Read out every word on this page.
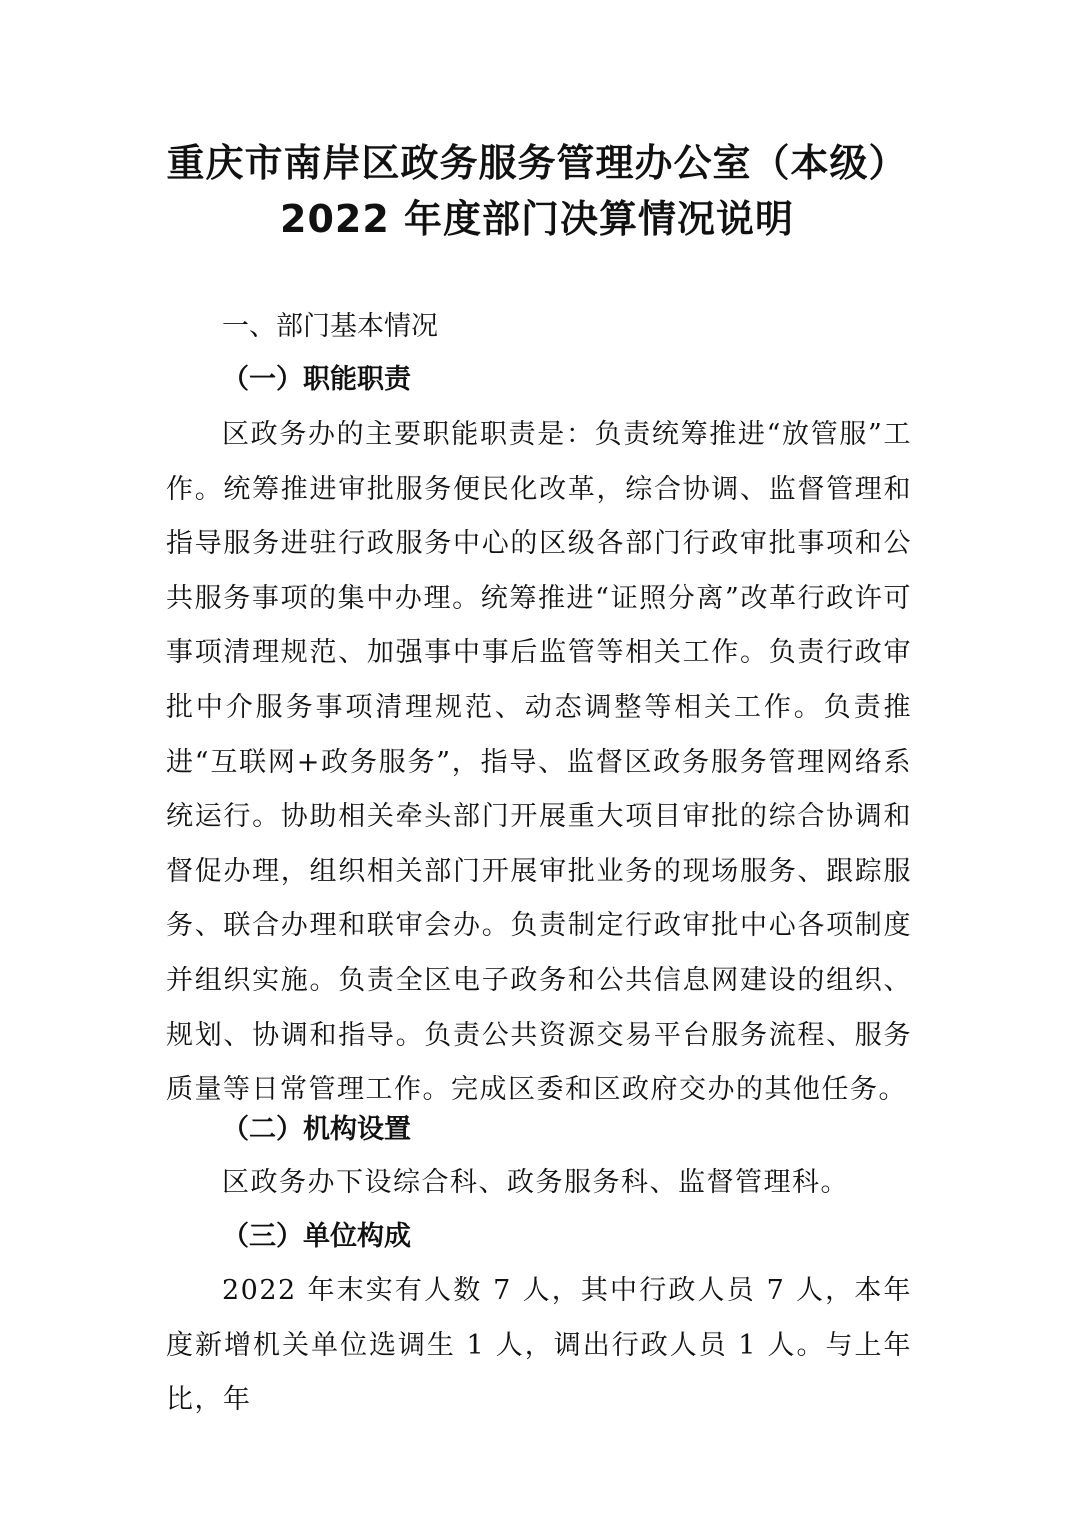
重庆市南岸区政务服务管理办公室（本级）
2022 年度部门决算情况说明
一、部门基本情况
（一）职能职责

区政务办的主要职能职责是：负责统筹推进“放管服”工作。统筹推进审批服务便民化改革，综合协调、监督管理和指导服务进驻行政服务中心的区级各部门行政审批事项和公共服务事项的集中办理。统筹推进“证照分离”改革行政许可事项清理规范、加强事中事后监管等相关工作。负责行政审批中介服务事项清理规范、动态调整等相关工作。负责推进“互联网+政务服务”，指导、监督区政务服务管理网络系统运行。协助相关牵头部门开展重大项目审批的综合协调和督促办理，组织相关部门开展审批业务的现场服务、跟踪服务、联合办理和联审会办。负责制定行政审批中心各项制度并组织实施。负责全区电子政务和公共信息网建设的组织、规划、协调和指导。负责公共资源交易平台服务流程、服务质量等日常管理工作。完成区委和区政府交办的其他任务。

（二）机构设置

区政务办下设综合科、政务服务科、监督管理科。

（三）单位构成

2022 年末实有人数 7 人，其中行政人员 7 人，本年度新增机关单位选调生 1 人，调出行政人员 1 人。与上年比，年
